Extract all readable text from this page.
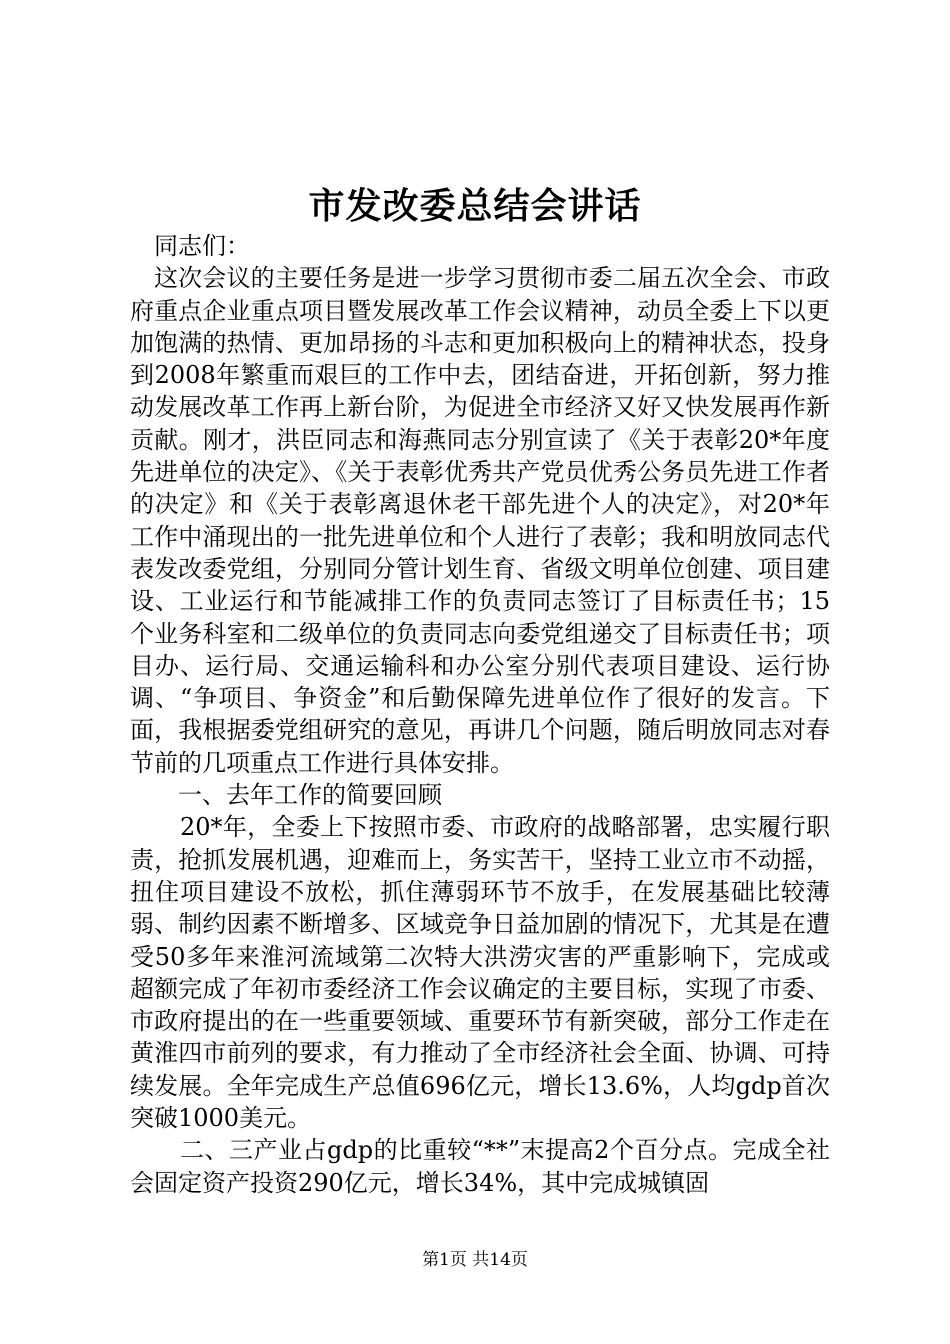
市发改委总结会讲话

同志们：

这次会议的主要任务是进一步学习贯彻市委二届五次全会、市政府重点企业重点项目暨发展改革工作会议精神，动员全委上下以更加饱满的热情、更加昂扬的斗志和更加积极向上的精神状态，投身到2008年繁重而艰巨的工作中去，团结奋进，开拓创新，努力推动发展改革工作再上新台阶，为促进全市经济又好又快发展再作新贡献。刚才，洪臣同志和海燕同志分别宣读了《关于表彰20*年度先进单位的决定》、《关于表彰优秀共产党员优秀公务员先进工作者的决定》和《关于表彰离退休老干部先进个人的决定》，对20*年工作中涌现出的一批先进单位和个人进行了表彰；我和明放同志代表发改委党组，分别同分管计划生育、省级文明单位创建、项目建设、工业运行和节能减排工作的负责同志签订了目标责任书；15个业务科室和二级单位的负责同志向委党组递交了目标责任书；项目办、运行局、交通运输科和办公室分别代表项目建设、运行协调、“争项目、争资金”和后勤保障先进单位作了很好的发言。下面，我根据委党组研究的意见，再讲几个问题，随后明放同志对春节前的几项重点工作进行具体安排。

一、去年工作的简要回顾

20*年，全委上下按照市委、市政府的战略部署，忠实履行职责，抢抓发展机遇，迎难而上，务实苦干，坚持工业立市不动摇，扭住项目建设不放松，抓住薄弱环节不放手，在发展基础比较薄弱、制约因素不断增多、区域竞争日益加剧的情况下，尤其是在遭受50多年来淮河流域第二次特大洪涝灾害的严重影响下，完成或超额完成了年初市委经济工作会议确定的主要目标，实现了市委、市政府提出的在一些重要领域、重要环节有新突破，部分工作走在黄淮四市前列的要求，有力推动了全市经济社会全面、协调、可持续发展。全年完成生产总值696亿元，增长13.6%，人均gdp首次突破1000美元。

二、三产业占gdp的比重较“**”末提高2个百分点。完成全社会固定资产投资290亿元，增长34%，其中完成城镇固

第1页 共14页
